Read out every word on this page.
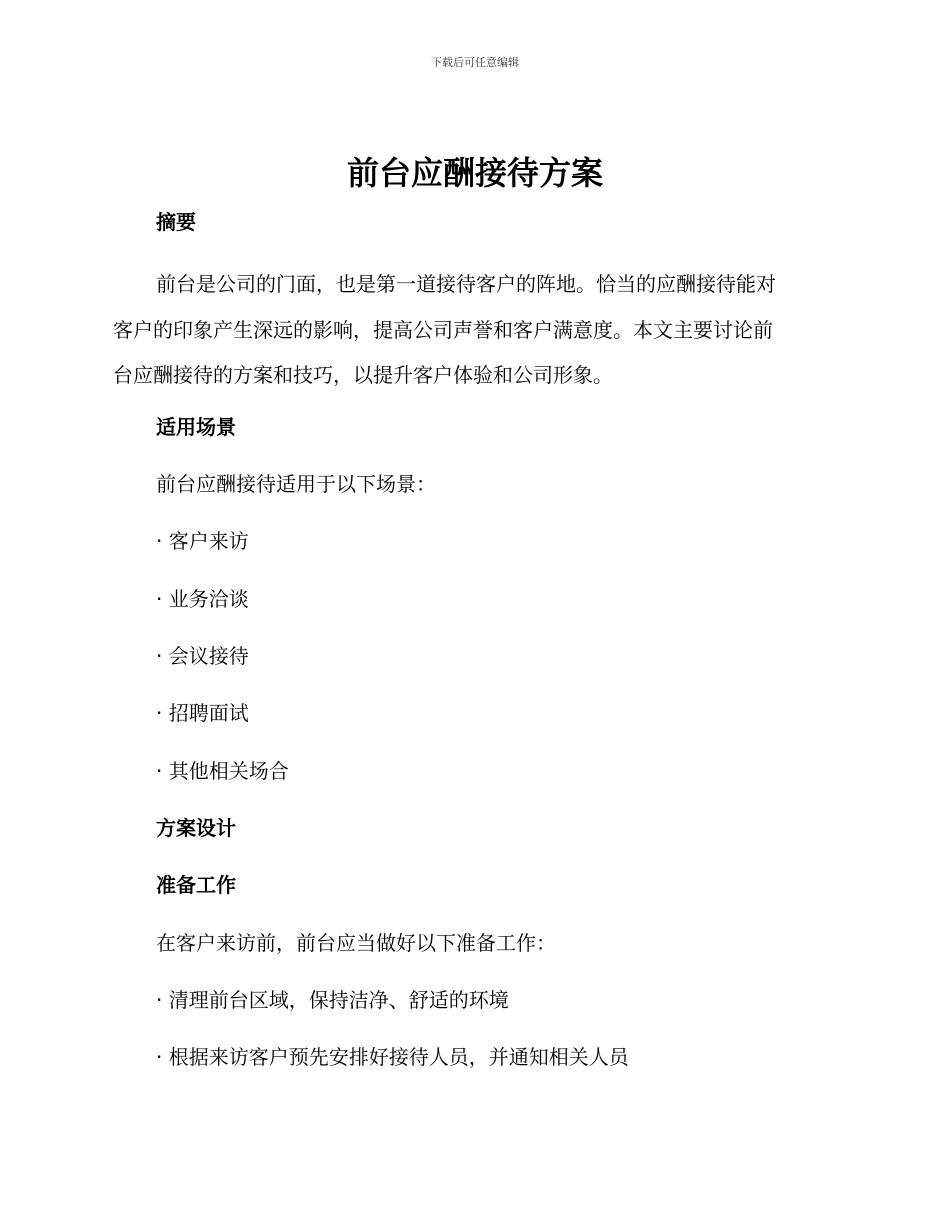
下载后可任意编辑
前台应酬接待方案
摘要
前台是公司的门面，也是第一道接待客户的阵地。恰当的应酬接待能对
客户的印象产生深远的影响，提高公司声誉和客户满意度。本文主要讨论前
台应酬接待的方案和技巧，以提升客户体验和公司形象。
适用场景
前台应酬接待适用于以下场景：
· 客户来访
· 业务洽谈
· 会议接待
· 招聘面试
· 其他相关场合
方案设计
准备工作
在客户来访前，前台应当做好以下准备工作：
· 清理前台区域，保持洁净、舒适的环境
· 根据来访客户预先安排好接待人员，并通知相关人员
